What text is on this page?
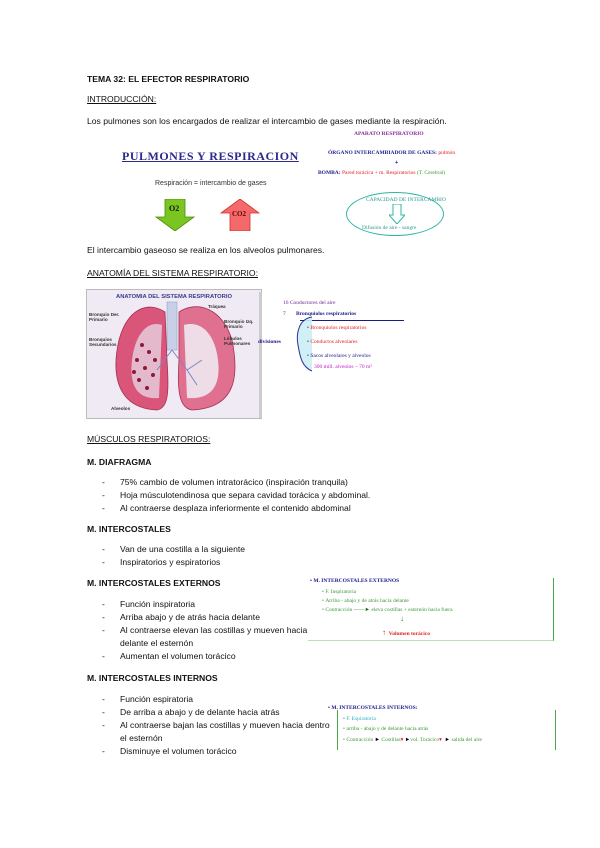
TEMA 32: EL EFECTOR RESPIRATORIO
INTRODUCCIÓN:
Los pulmones son los encargados de realizar el intercambio de gases mediante la respiración.
PULMONES Y RESPIRACION
Respiración = intercambio de gases
O2
CO2
APARATO RESPIRATORIO
ÓRGANO INTERCAMBIADOR DE GASES: pulmón
+
BOMBA: Pared torácica + m. Respiratorios (T. Cerebral)
CAPACIDAD DE INTERCAMBIO
Difusión de aire - sangre
El intercambio gaseoso se realiza en los alveolos pulmonares.
ANATOMÍA DEL SISTEMA RESPIRATORIO:
ANATOMIA DEL SISTEMA RESPIRATORIO
Bronquio Der. Primario
Bronquios Secundarios
Alveolos
Tráquea
Bronquio Izq. Primario
Lóbulos Pulmonares
16 Conductores del aire
7 Bronquiolos respiratorios
divisiones
• Bronquiolos respiratorios
• Conductos alveolares
• Sacos alveolares y alveolos
300 mill. alveolos – 70 m²
MÚSCULOS RESPIRATORIOS:
M. DIAFRAGMA
- 75% cambio de volumen intratorácico (inspiración tranquila)
- Hoja músculotendinosa que separa cavidad torácica y abdominal.
- Al contraerse desplaza inferiormente el contenido abdominal
M. INTERCOSTALES
- Van de una costilla a la siguiente
- Inspiratorios y espiratorios
M. INTERCOSTALES EXTERNOS
- Función inspiratoria
- Arriba abajo y de atrás hacia delante
- Al contraerse elevan las costillas y mueven hacia delante el esternón
- Aumentan el volumen torácico
• M. INTERCOSTALES EXTERNOS
• F. Inspiratoria
• Arriba - abajo y de atrás hacia delante
• Contracción ——► eleva costillas + esternón hacia fuera
↓
↑ Volumen torácico
M. INTERCOSTALES INTERNOS
- Función espiratoria
- De arriba a abajo y de delante hacia atrás
- Al contraerse bajan las costillas y mueven hacia dentro el esternón
- Disminuye el volumen torácico
• M. INTERCOSTALES INTERNOS:
• F. Espiratoria
• arriba - abajo y de delante hacia atrás
• Contracción ► Costillas▾ ►vol. Torácico▾ ► salida del aire
